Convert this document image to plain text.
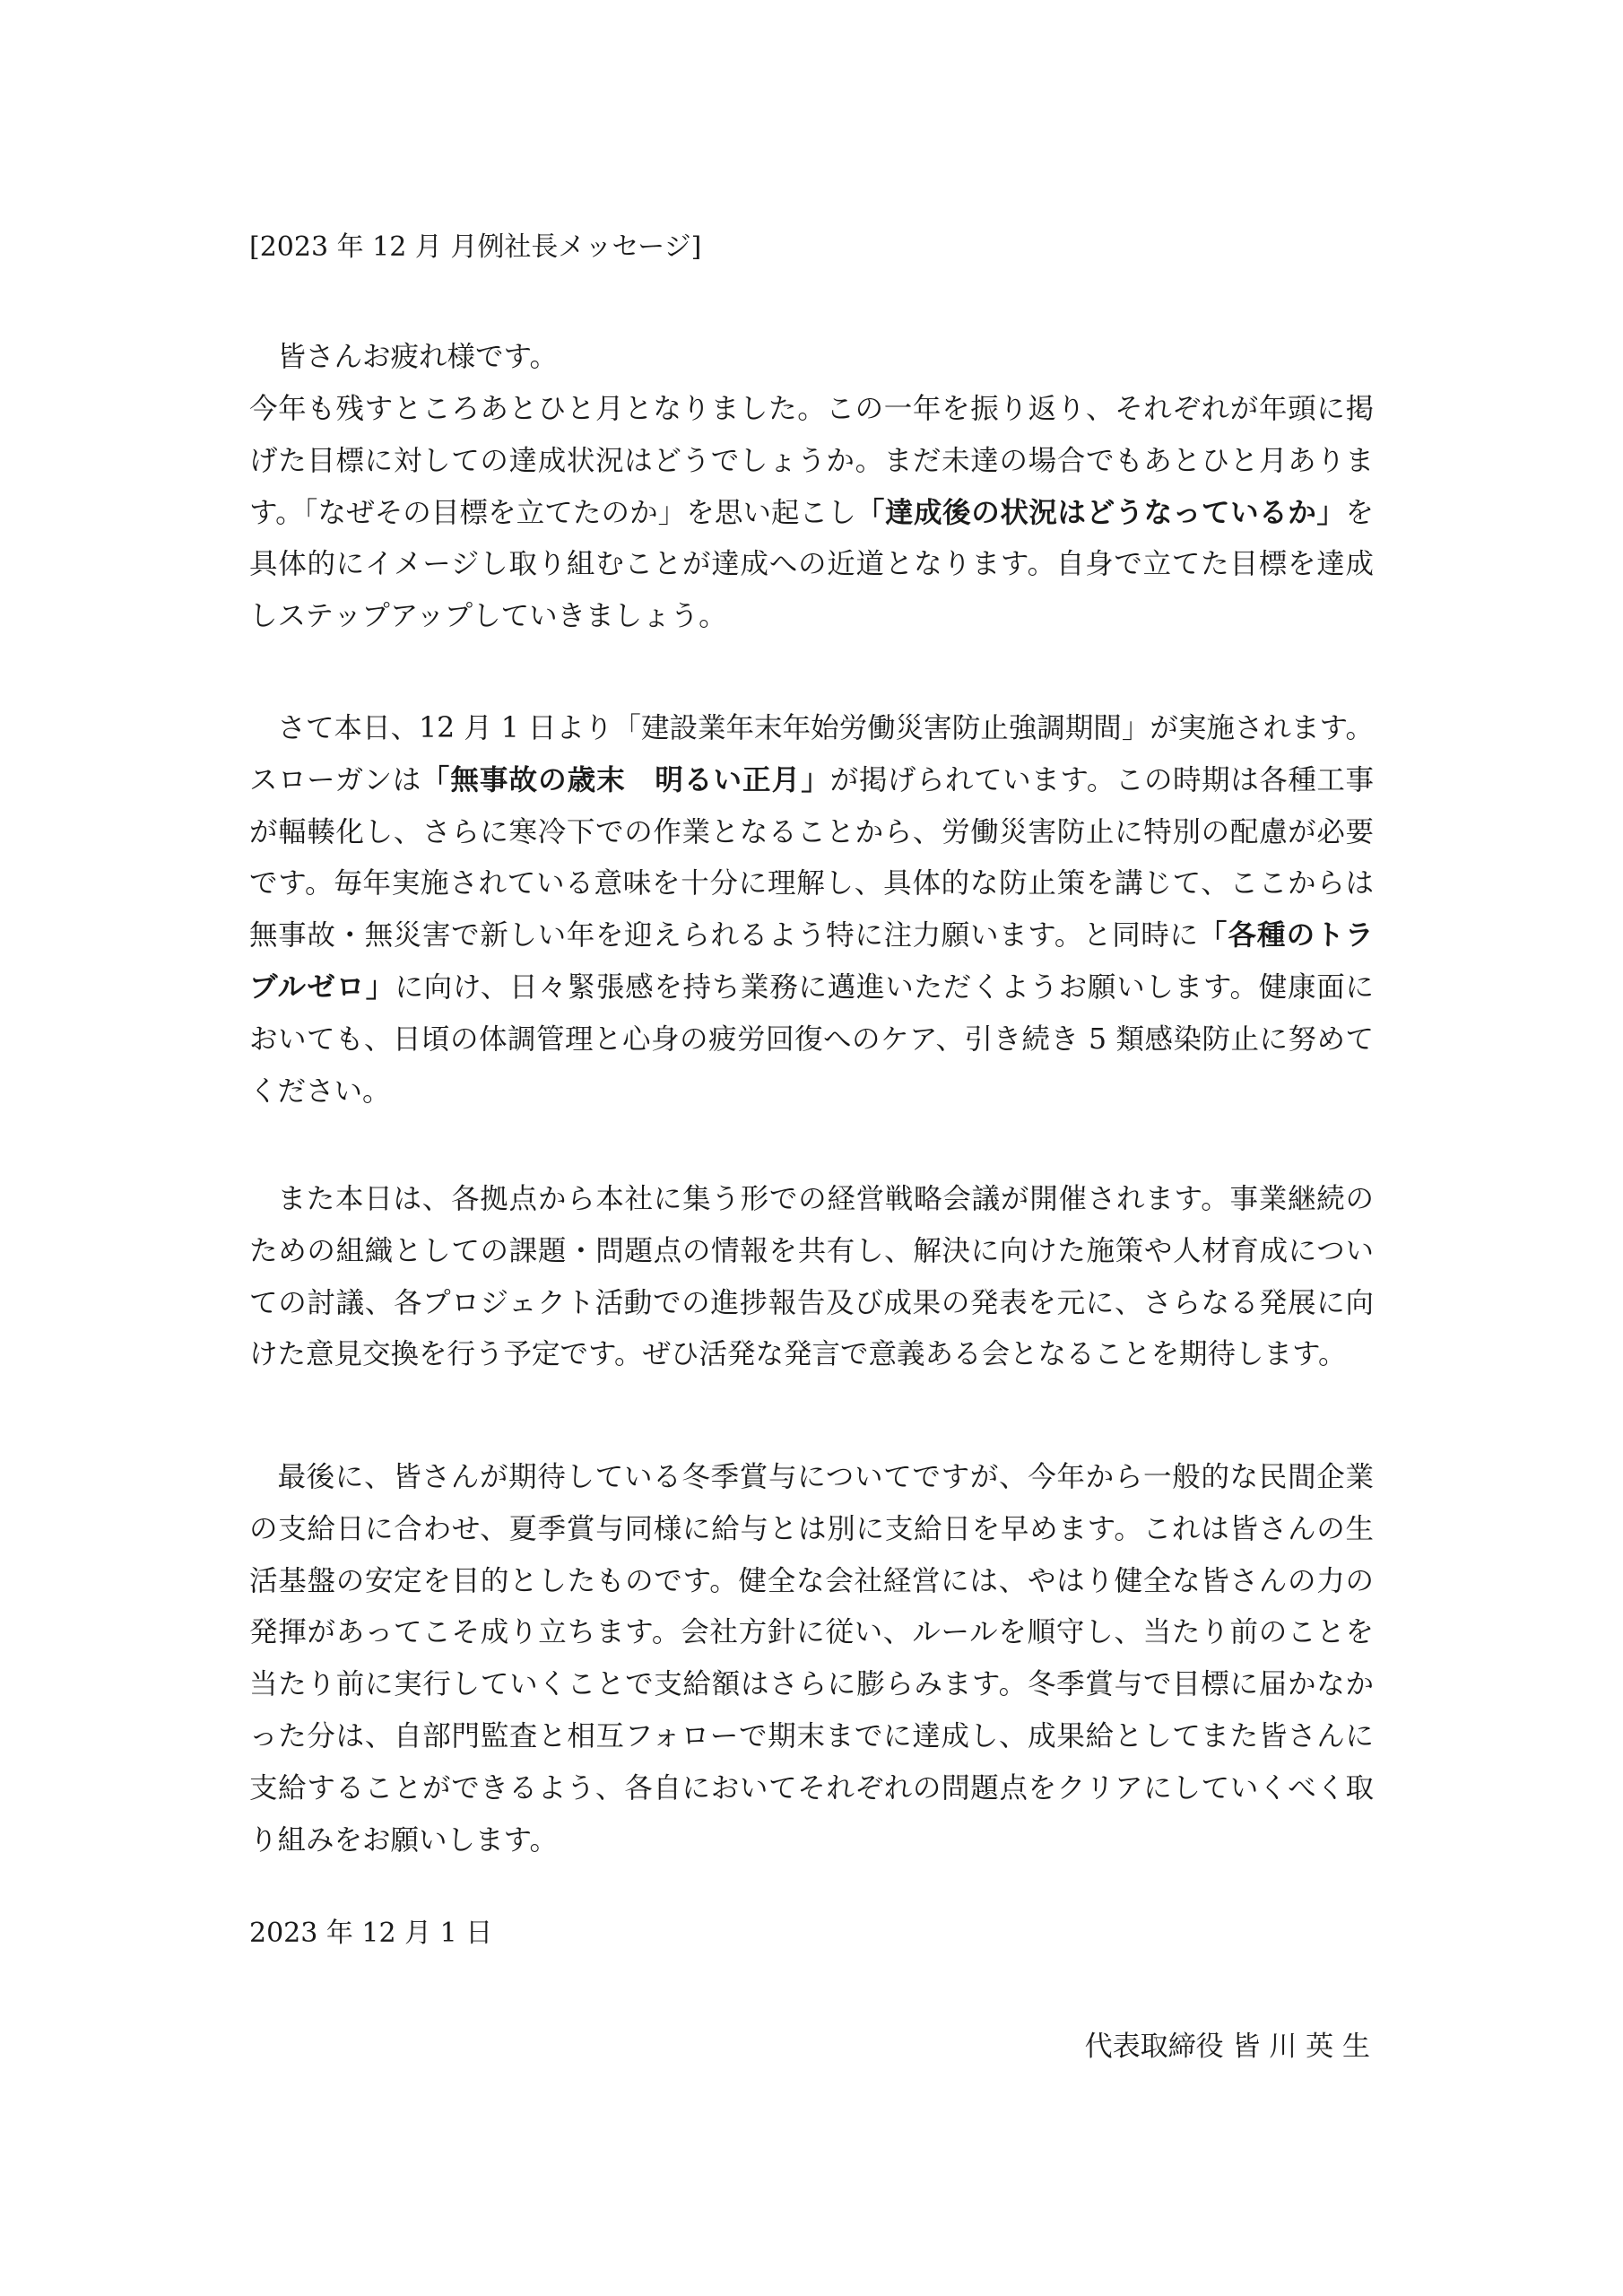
[2023 年 12 月 月例社長メッセージ]
皆さんお疲れ様です。
今年も残すところあとひと月となりました。この一年を振り返り、それぞれが年頭に掲げた目標に対しての達成状況はどうでしょうか。まだ未達の場合でもあとひと月あります。「なぜその目標を立てたのか」を思い起こし「達成後の状況はどうなっているか」を具体的にイメージし取り組むことが達成への近道となります。自身で立てた目標を達成しステップアップしていきましょう。
さて本日、12 月 1 日より「建設業年末年始労働災害防止強調期間」が実施されます。スローガンは「無事故の歳末　明るい正月」が掲げられています。この時期は各種工事が輻輳化し、さらに寒冷下での作業となることから、労働災害防止に特別の配慮が必要です。毎年実施されている意味を十分に理解し、具体的な防止策を講じて、ここからは無事故・無災害で新しい年を迎えられるよう特に注力願います。と同時に「各種のトラブルゼロ」に向け、日々緊張感を持ち業務に邁進いただくようお願いします。健康面においても、日頃の体調管理と心身の疲労回復へのケア、引き続き 5 類感染防止に努めてください。
また本日は、各拠点から本社に集う形での経営戦略会議が開催されます。事業継続のための組織としての課題・問題点の情報を共有し、解決に向けた施策や人材育成についての討議、各プロジェクト活動での進捗報告及び成果の発表を元に、さらなる発展に向けた意見交換を行う予定です。ぜひ活発な発言で意義ある会となることを期待します。
最後に、皆さんが期待している冬季賞与についてですが、今年から一般的な民間企業の支給日に合わせ、夏季賞与同様に給与とは別に支給日を早めます。これは皆さんの生活基盤の安定を目的としたものです。健全な会社経営には、やはり健全な皆さんの力の発揮があってこそ成り立ちます。会社方針に従い、ルールを順守し、当たり前のことを当たり前に実行していくことで支給額はさらに膨らみます。冬季賞与で目標に届かなかった分は、自部門監査と相互フォローで期末までに達成し、成果給としてまた皆さんに支給することができるよう、各自においてそれぞれの問題点をクリアにしていくべく取り組みをお願いします。
2023 年 12 月 1 日
代表取締役 皆 川 英 生
